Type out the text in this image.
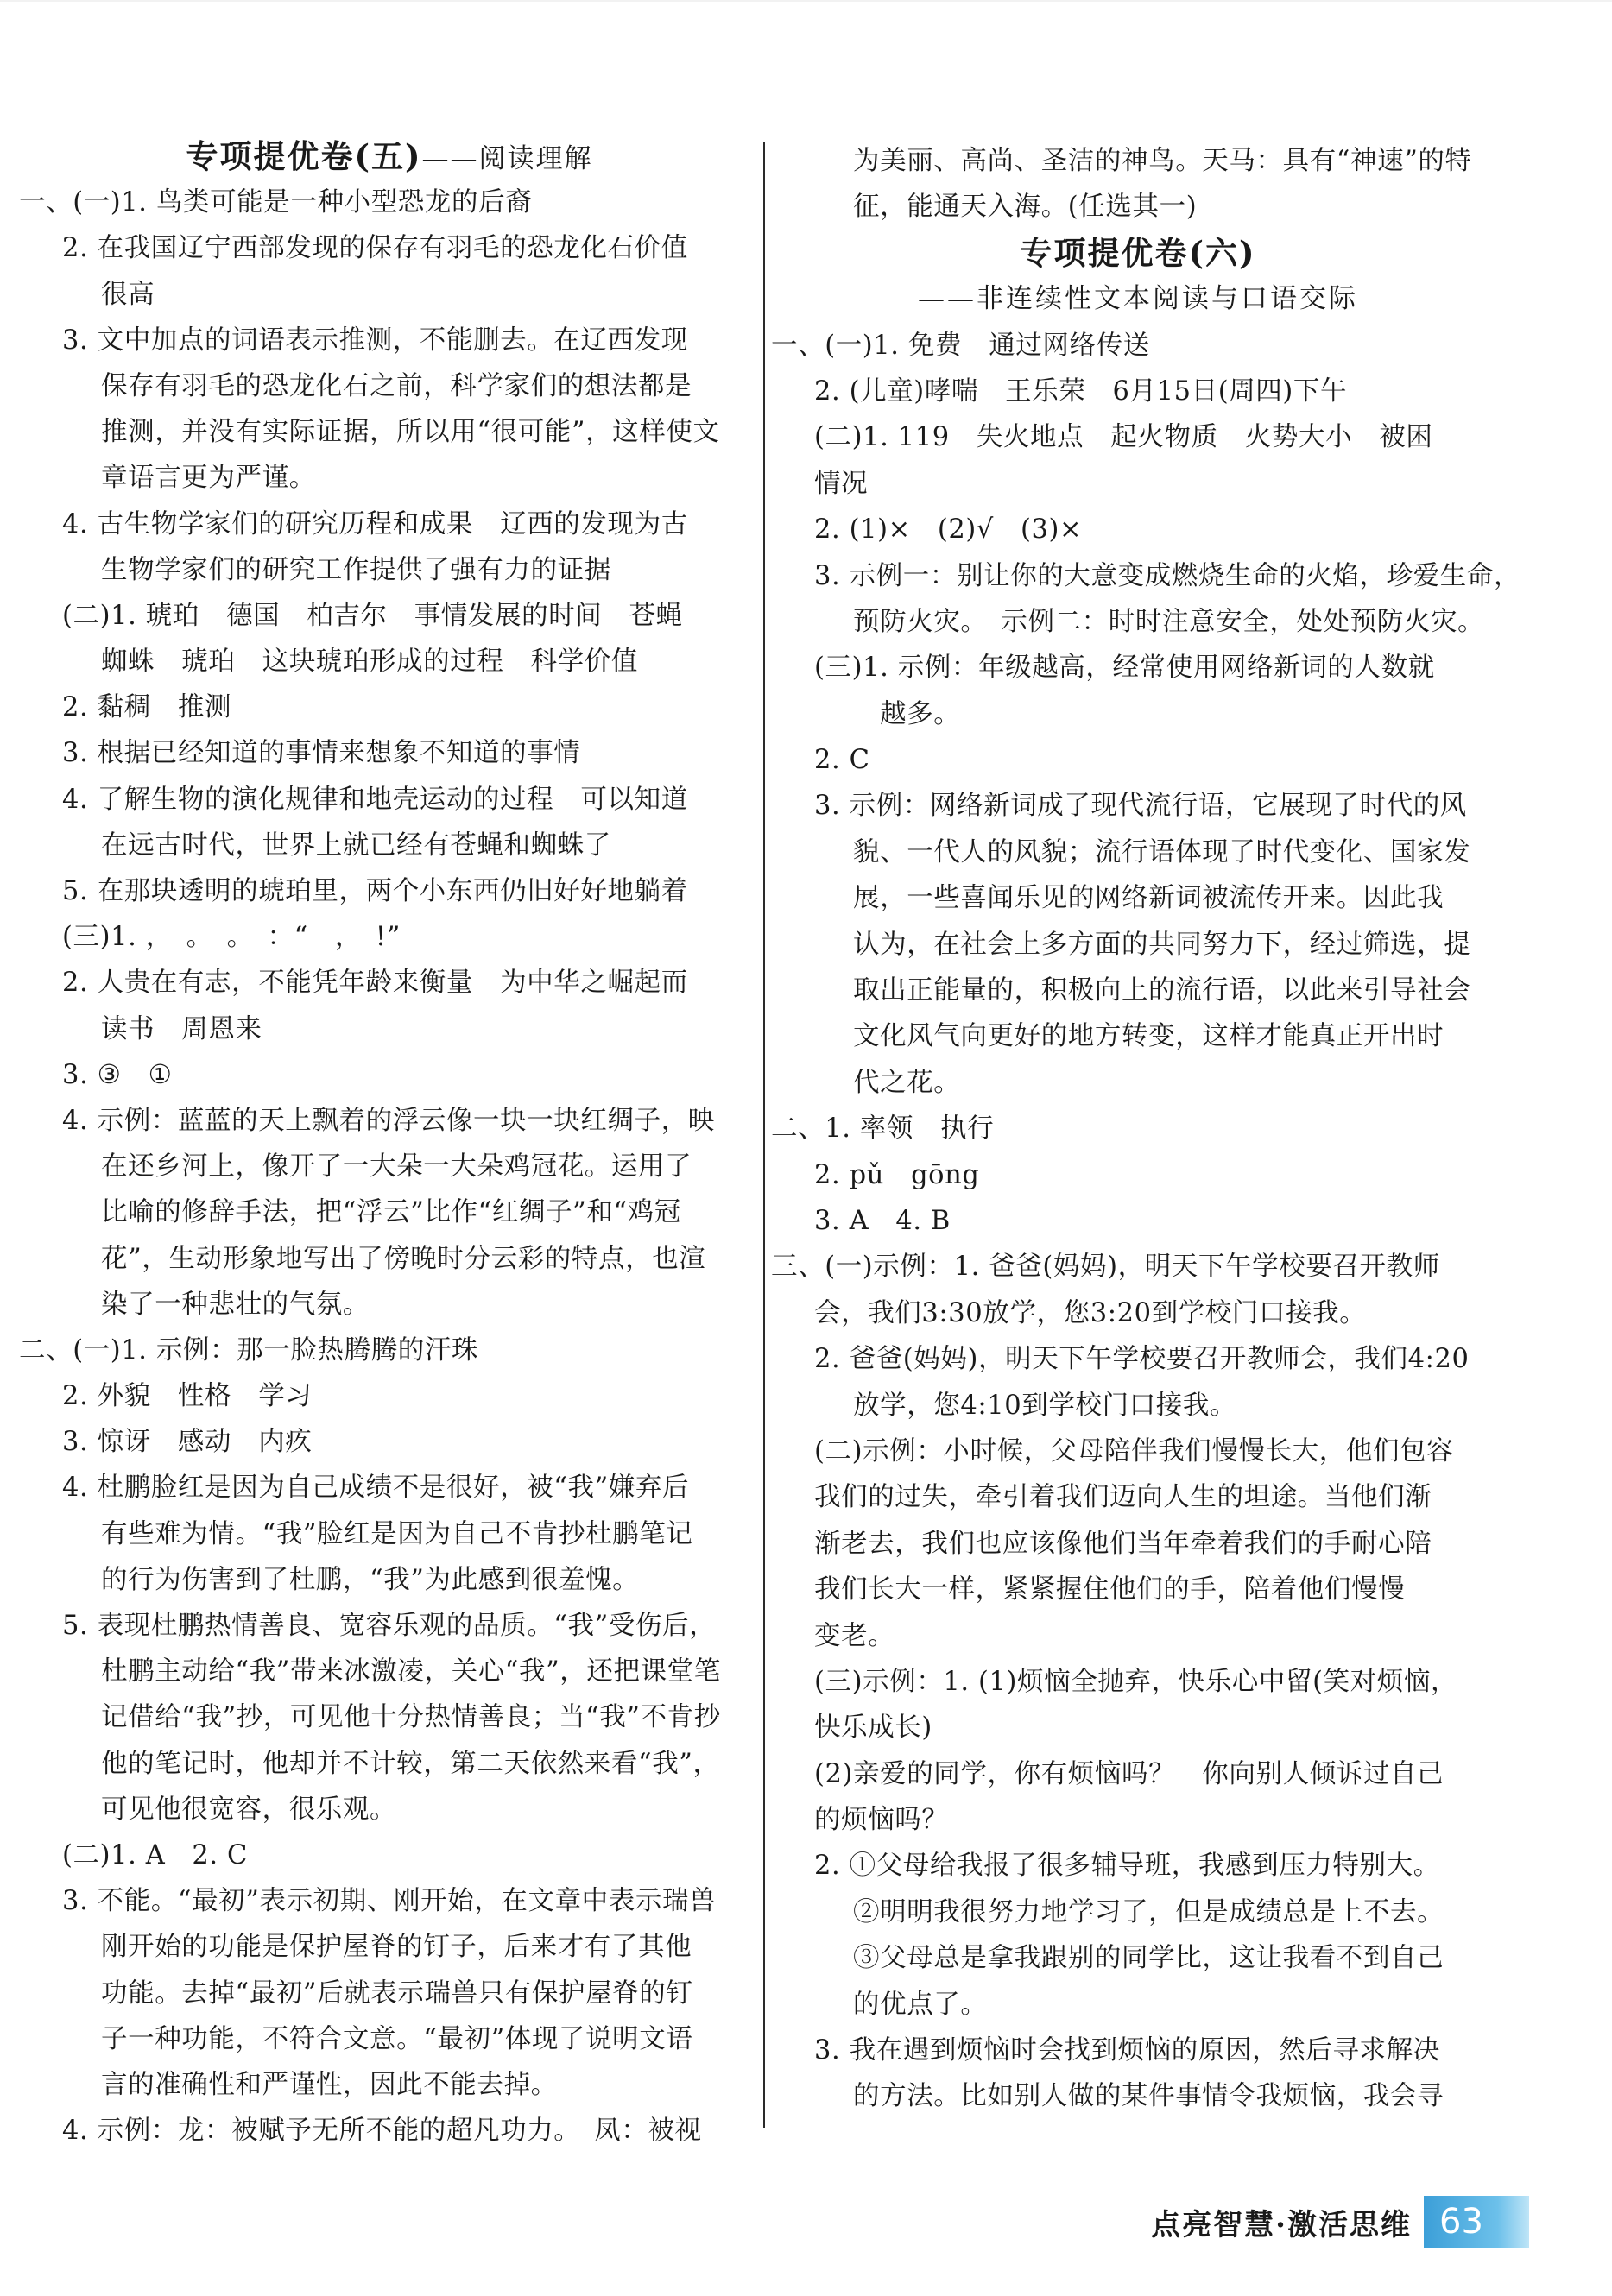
专项提优卷(五)——阅读理解
一、(一)1. 鸟类可能是一种小型恐龙的后裔
2. 在我国辽宁西部发现的保存有羽毛的恐龙化石价值
很高
3. 文中加点的词语表示推测，不能删去。在辽西发现
保存有羽毛的恐龙化石之前，科学家们的想法都是
推测，并没有实际证据，所以用“很可能”，这样使文
章语言更为严谨。
4. 古生物学家们的研究历程和成果　辽西的发现为古
生物学家们的研究工作提供了强有力的证据
(二)1. 琥珀　德国　柏吉尔　事情发展的时间　苍蝇
蜘蛛　琥珀　这块琥珀形成的过程　科学价值
2. 黏稠　推测
3. 根据已经知道的事情来想象不知道的事情
4. 了解生物的演化规律和地壳运动的过程　可以知道
在远古时代，世界上就已经有苍蝇和蜘蛛了
5. 在那块透明的琥珀里，两个小东西仍旧好好地躺着
(三)1. ，　。　。　：“　，　!”
2. 人贵在有志，不能凭年龄来衡量　为中华之崛起而
读书　周恩来
3. ③　①
4. 示例：蓝蓝的天上飘着的浮云像一块一块红绸子，映
在还乡河上，像开了一大朵一大朵鸡冠花。运用了
比喻的修辞手法，把“浮云”比作“红绸子”和“鸡冠
花”，生动形象地写出了傍晚时分云彩的特点，也渲
染了一种悲壮的气氛。
二、(一)1. 示例：那一脸热腾腾的汗珠
2. 外貌　性格　学习
3. 惊讶　感动　内疚
4. 杜鹏脸红是因为自己成绩不是很好，被“我”嫌弃后
有些难为情。“我”脸红是因为自己不肯抄杜鹏笔记
的行为伤害到了杜鹏，“我”为此感到很羞愧。
5. 表现杜鹏热情善良、宽容乐观的品质。“我”受伤后，
杜鹏主动给“我”带来冰激凌，关心“我”，还把课堂笔
记借给“我”抄，可见他十分热情善良；当“我”不肯抄
他的笔记时，他却并不计较，第二天依然来看“我”，
可见他很宽容，很乐观。
(二)1. A　2. C
3. 不能。“最初”表示初期、刚开始，在文章中表示瑞兽
刚开始的功能是保护屋脊的钉子，后来才有了其他
功能。去掉“最初”后就表示瑞兽只有保护屋脊的钉
子一种功能，不符合文意。“最初”体现了说明文语
言的准确性和严谨性，因此不能去掉。
4. 示例：龙：被赋予无所不能的超凡功力。　凤：被视
为美丽、高尚、圣洁的神鸟。天马：具有“神速”的特
征，能通天入海。(任选其一)
专项提优卷(六)
——非连续性文本阅读与口语交际
一、(一)1. 免费　通过网络传送
2. (儿童)哮喘　王乐荣　6月15日(周四)下午
(二)1. 119　失火地点　起火物质　火势大小　被困
情况
2. (1)×　(2)√　(3)×
3. 示例一：别让你的大意变成燃烧生命的火焰，珍爱生命，
预防火灾。　示例二：时时注意安全，处处预防火灾。
(三)1. 示例：年级越高，经常使用网络新词的人数就
　越多。
2. C
3. 示例：网络新词成了现代流行语，它展现了时代的风
貌、一代人的风貌；流行语体现了时代变化、国家发
展，一些喜闻乐见的网络新词被流传开来。因此我
认为，在社会上多方面的共同努力下，经过筛选，提
取出正能量的，积极向上的流行语，以此来引导社会
文化风气向更好的地方转变，这样才能真正开出时
代之花。
二、1. 率领　执行
2. pǔ　gōng
3. A　4. B
三、(一)示例：1. 爸爸(妈妈)，明天下午学校要召开教师
会，我们3:30放学，您3:20到学校门口接我。
2. 爸爸(妈妈)，明天下午学校要召开教师会，我们4:20
放学，您4:10到学校门口接我。
(二)示例：小时候，父母陪伴我们慢慢长大，他们包容
我们的过失，牵引着我们迈向人生的坦途。当他们渐
渐老去，我们也应该像他们当年牵着我们的手耐心陪
我们长大一样，紧紧握住他们的手，陪着他们慢慢
变老。
(三)示例：1. (1)烦恼全抛弃，快乐心中留(笑对烦恼，
快乐成长)
(2)亲爱的同学，你有烦恼吗？　你向别人倾诉过自己
的烦恼吗？
2. ①父母给我报了很多辅导班，我感到压力特别大。
②明明我很努力地学习了，但是成绩总是上不去。
③父母总是拿我跟别的同学比，这让我看不到自己
的优点了。
3. 我在遇到烦恼时会找到烦恼的原因，然后寻求解决
的方法。比如别人做的某件事情令我烦恼，我会寻
点亮智慧·激活思维 63
